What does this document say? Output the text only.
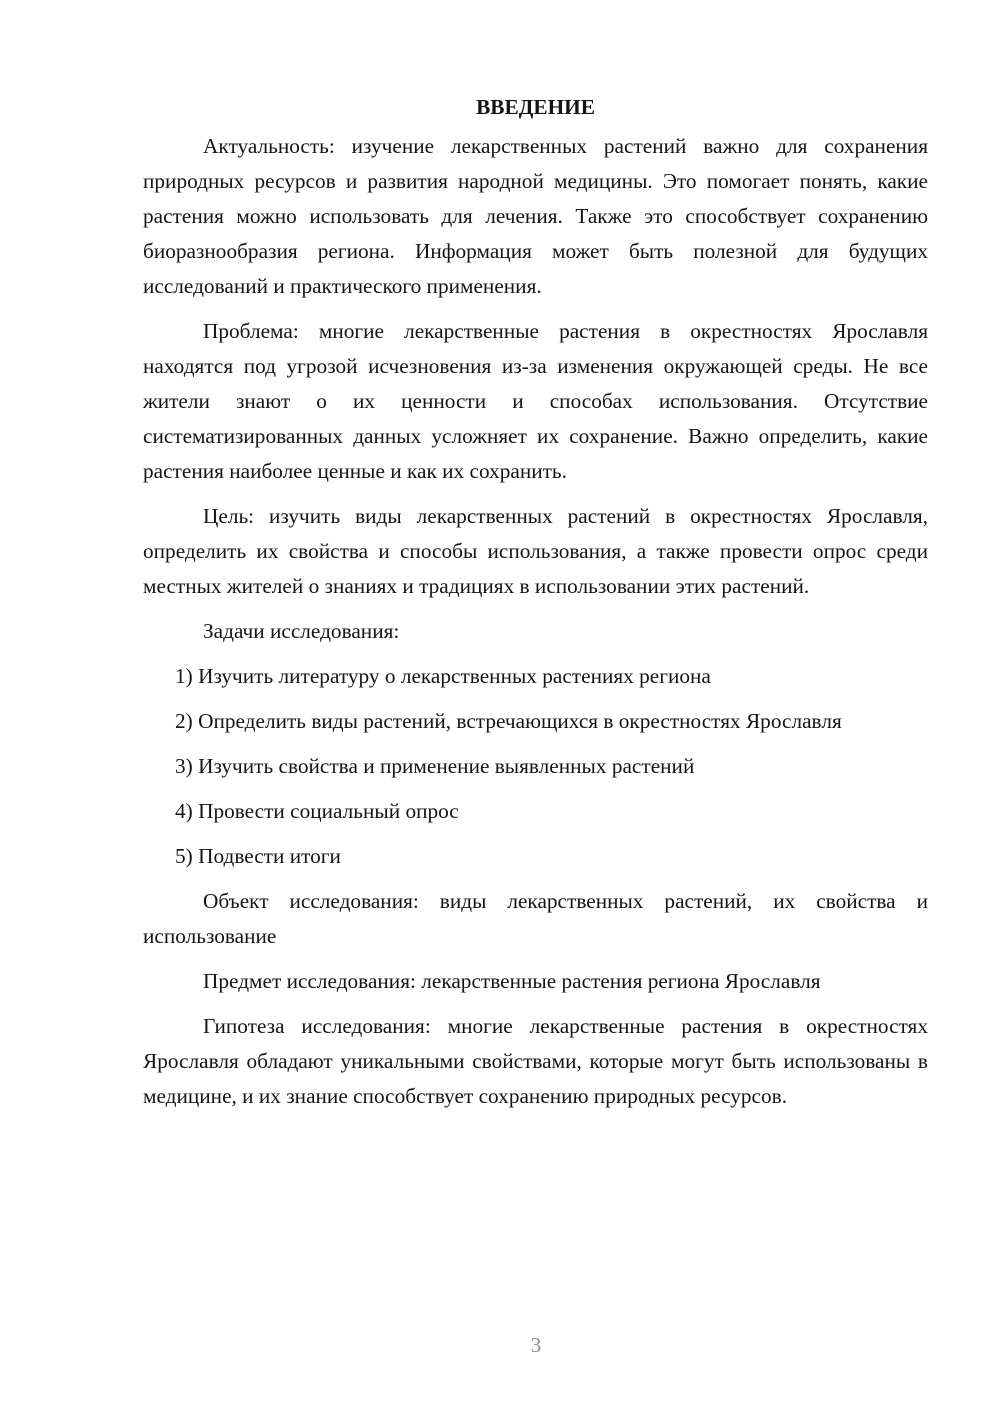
ВВЕДЕНИЕ

Актуальность: изучение лекарственных растений важно для сохранения природных ресурсов и развития народной медицины. Это помогает понять, какие растения можно использовать для лечения. Также это способствует сохранению биоразнообразия региона. Информация может быть полезной для будущих исследований и практического применения.

Проблема: многие лекарственные растения в окрестностях Ярославля находятся под угрозой исчезновения из-за изменения окружающей среды. Не все жители знают о их ценности и способах использования. Отсутствие систематизированных данных усложняет их сохранение. Важно определить, какие растения наиболее ценные и как их сохранить.

Цель: изучить виды лекарственных растений в окрестностях Ярославля, определить их свойства и способы использования, а также провести опрос среди местных жителей о знаниях и традициях в использовании этих растений.

Задачи исследования:

1) Изучить литературу о лекарственных растениях региона

2) Определить виды растений, встречающихся в окрестностях Ярославля

3) Изучить свойства и применение выявленных растений

4) Провести социальный опрос

5) Подвести итоги

Объект исследования: виды лекарственных растений, их свойства и использование

Предмет исследования: лекарственные растения региона Ярославля

Гипотеза исследования: многие лекарственные растения в окрестностях Ярославля обладают уникальными свойствами, которые могут быть использованы в медицине, и их знание способствует сохранению природных ресурсов.

3
